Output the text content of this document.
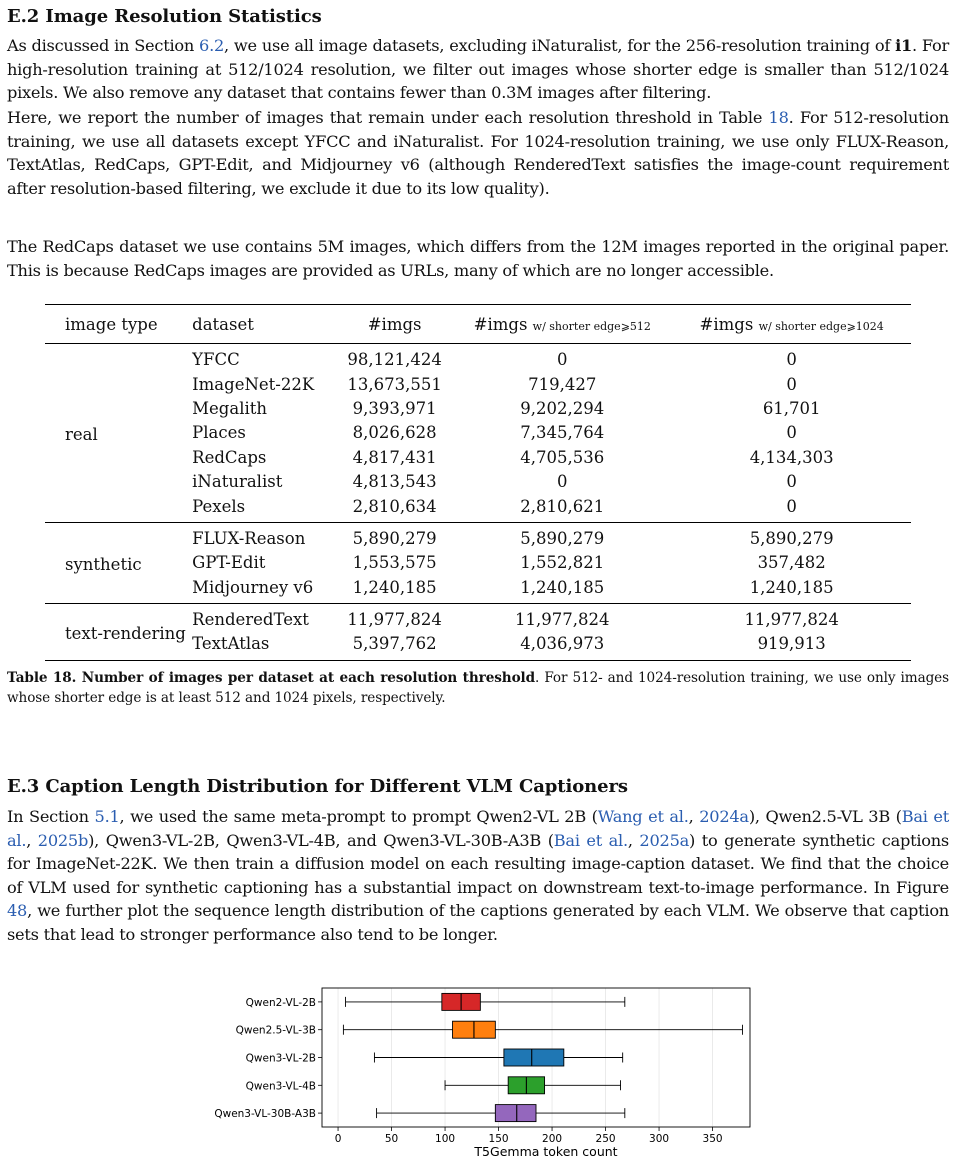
E.2 Image Resolution Statistics

As discussed in Section 6.2, we use all image datasets, excluding iNaturalist, for the 256-resolution training of i1. For high-resolution training at 512/1024 resolution, we filter out images whose shorter edge is smaller than 512/1024 pixels. We also remove any dataset that contains fewer than 0.3M images after filtering.

Here, we report the number of images that remain under each resolution threshold in Table 18. For 512-resolution training, we use all datasets except YFCC and iNaturalist. For 1024-resolution training, we use only FLUX-Reason, TextAtlas, RedCaps, GPT-Edit, and Midjourney v6 (although RenderedText satisfies the image-count requirement after resolution-based filtering, we exclude it due to its low quality).

The RedCaps dataset we use contains 5M images, which differs from the 12M images reported in the original paper. This is because RedCaps images are provided as URLs, many of which are no longer accessible.

image type	dataset	#imgs	#imgs w/ shorter edge⩾512	#imgs w/ shorter edge⩾1024
real	YFCC	98,121,424	0	0
	ImageNet-22K	13,673,551	719,427	0
	Megalith	9,393,971	9,202,294	61,701
	Places	8,026,628	7,345,764	0
	RedCaps	4,817,431	4,705,536	4,134,303
	iNaturalist	4,813,543	0	0
	Pexels	2,810,634	2,810,621	0
synthetic	FLUX-Reason	5,890,279	5,890,279	5,890,279
	GPT-Edit	1,553,575	1,552,821	357,482
	Midjourney v6	1,240,185	1,240,185	1,240,185
text-rendering	RenderedText	11,977,824	11,977,824	11,977,824
	TextAtlas	5,397,762	4,036,973	919,913
Table 18. Number of images per dataset at each resolution threshold. For 512- and 1024-resolution training, we use only images whose shorter edge is at least 512 and 1024 pixels, respectively.
E.3 Caption Length Distribution for Different VLM Captioners

In Section 5.1, we used the same meta-prompt to prompt Qwen2-VL 2B (Wang et al., 2024a), Qwen2.5-VL 3B (Bai et al., 2025b), Qwen3-VL-2B, Qwen3-VL-4B, and Qwen3-VL-30B-A3B (Bai et al., 2025a) to generate synthetic captions for ImageNet-22K. We then train a diffusion model on each resulting image-caption dataset. We find that the choice of VLM used for synthetic captioning has a substantial impact on downstream text-to-image performance. In Figure 48, we further plot the sequence length distribution of the captions generated by each VLM. We observe that caption sets that lead to stronger performance also tend to be longer.

0	50	100	150	200	250	300	350
T5Gemma token count
Qwen2-VL-2B
Qwen2.5-VL-3B
Qwen3-VL-2B
Qwen3-VL-4B
Qwen3-VL-30B-A3B
